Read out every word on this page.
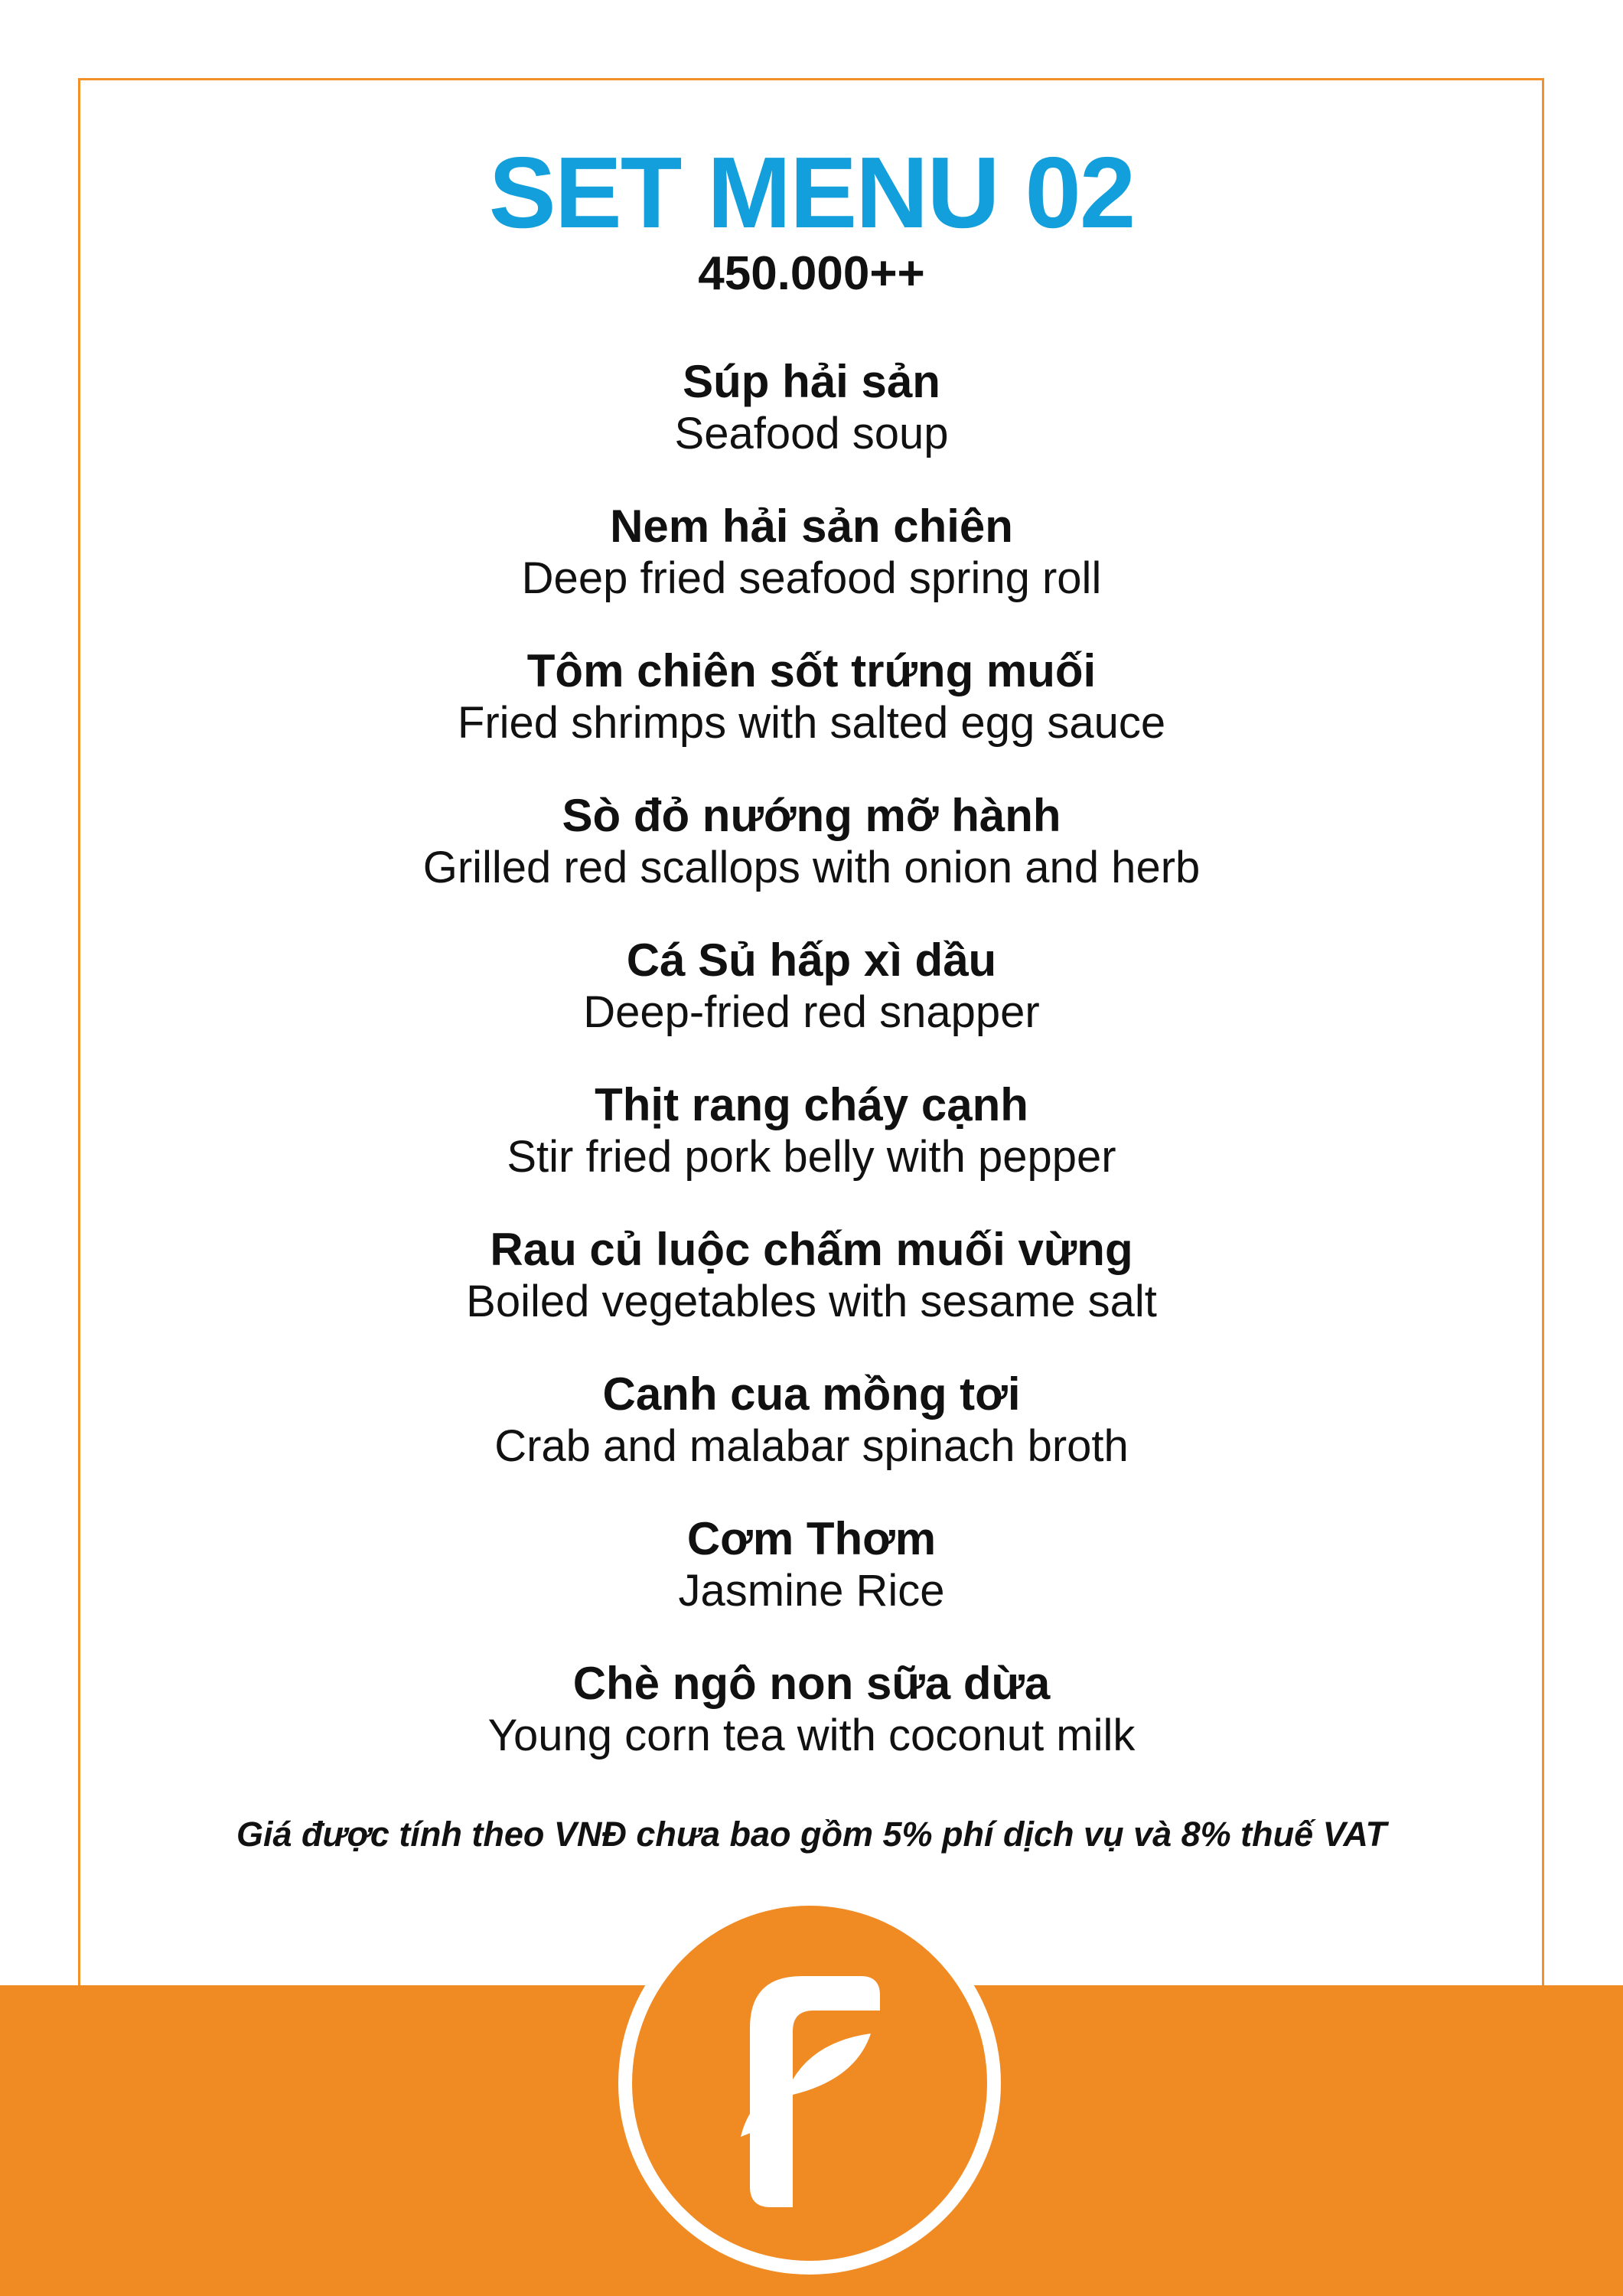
SET MENU 02
450.000++
Súp hải sản
Seafood soup
Nem hải sản chiên
Deep fried seafood spring roll
Tôm chiên sốt trứng muối
Fried shrimps with salted egg sauce
Sò đỏ nướng mỡ hành
Grilled red scallops with onion and herb
Cá Sủ hấp xì dầu
Deep-fried red snapper
Thịt rang cháy cạnh
Stir fried pork belly with pepper
Rau củ luộc chấm muối vừng
Boiled vegetables with sesame salt
Canh cua mồng tơi
Crab and malabar spinach broth
Cơm Thơm
Jasmine Rice
Chè ngô non sữa dừa
Young corn tea with coconut milk
Giá được tính theo VNĐ chưa bao gồm 5% phí dịch vụ và 8% thuế VAT
